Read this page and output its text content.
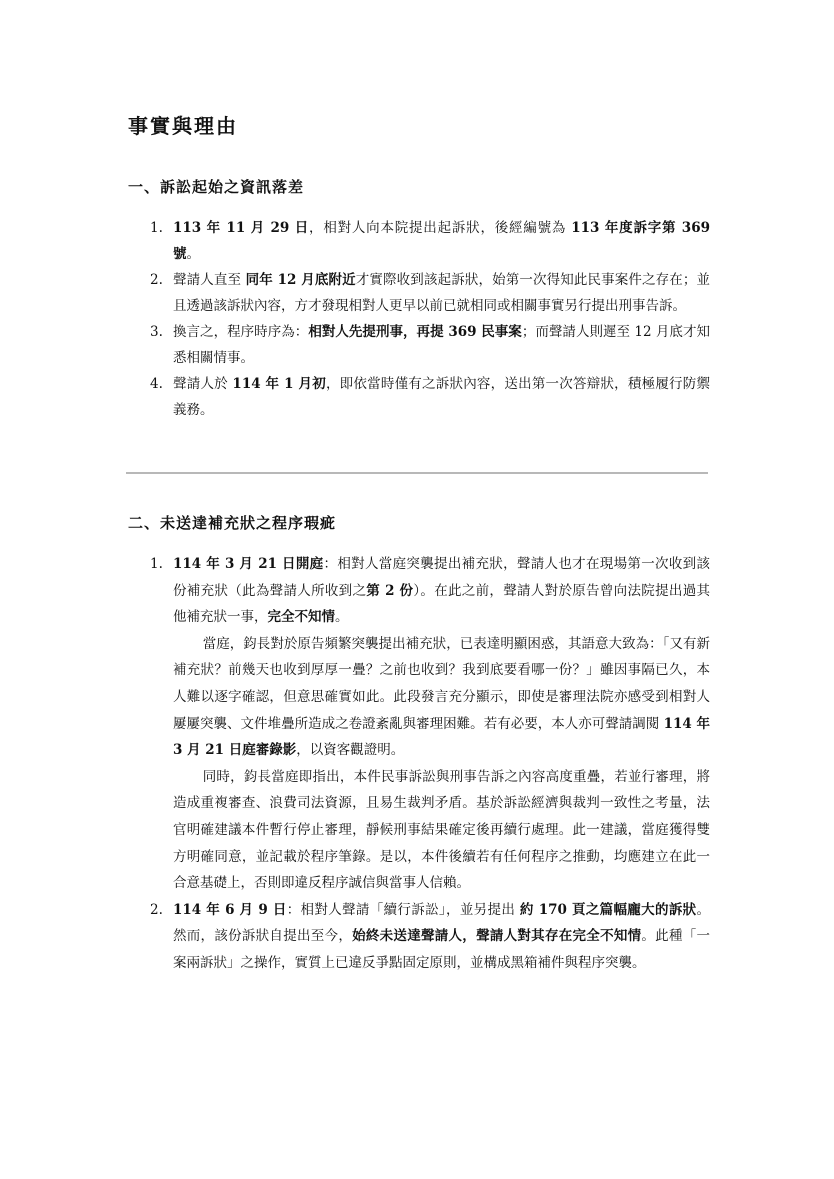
事實與理由
一、訴訟起始之資訊落差
1. 113 年 11 月 29 日，相對人向本院提出起訴狀，後經編號為 113 年度訴字第 369 號。
2. 聲請人直至 同年 12 月底附近才實際收到該起訴狀，始第一次得知此民事案件之存在；並且透過該訴狀內容，方才發現相對人更早以前已就相同或相關事實另行提出刑事告訴。
3. 換言之，程序時序為：相對人先提刑事，再提 369 民事案；而聲請人則遲至 12 月底才知悉相關情事。
4. 聲請人於 114 年 1 月初，即依當時僅有之訴狀內容，送出第一次答辯狀，積極履行防禦義務。
二、未送達補充狀之程序瑕疵
1. 114 年 3 月 21 日開庭：相對人當庭突襲提出補充狀，聲請人也才在現場第一次收到該份補充狀（此為聲請人所收到之第 2 份）。在此之前，聲請人對於原告曾向法院提出過其他補充狀一事，完全不知情。
當庭，鈞長對於原告頻繁突襲提出補充狀，已表達明顯困惑，其語意大致為：「又有新補充狀？前幾天也收到厚厚一疊？之前也收到？我到底要看哪一份？」雖因事隔已久，本人難以逐字確認，但意思確實如此。此段發言充分顯示，即使是審理法院亦感受到相對人屢屢突襲、文件堆疊所造成之卷證紊亂與審理困難。若有必要，本人亦可聲請調閱 114 年 3 月 21 日庭審錄影，以資客觀證明。
同時，鈞長當庭即指出，本件民事訴訟與刑事告訴之內容高度重疊，若並行審理，將造成重複審查、浪費司法資源，且易生裁判矛盾。基於訴訟經濟與裁判一致性之考量，法官明確建議本件暫行停止審理，靜候刑事結果確定後再續行處理。此一建議，當庭獲得雙方明確同意，並記載於程序筆錄。是以，本件後續若有任何程序之推動，均應建立在此一合意基礎上，否則即違反程序誠信與當事人信賴。
2. 114 年 6 月 9 日：相對人聲請「續行訴訟」，並另提出 約 170 頁之篇幅龐大的訴狀。然而，該份訴狀自提出至今，始終未送達聲請人，聲請人對其存在完全不知情。此種「一案兩訴狀」之操作，實質上已違反爭點固定原則，並構成黑箱補件與程序突襲。
